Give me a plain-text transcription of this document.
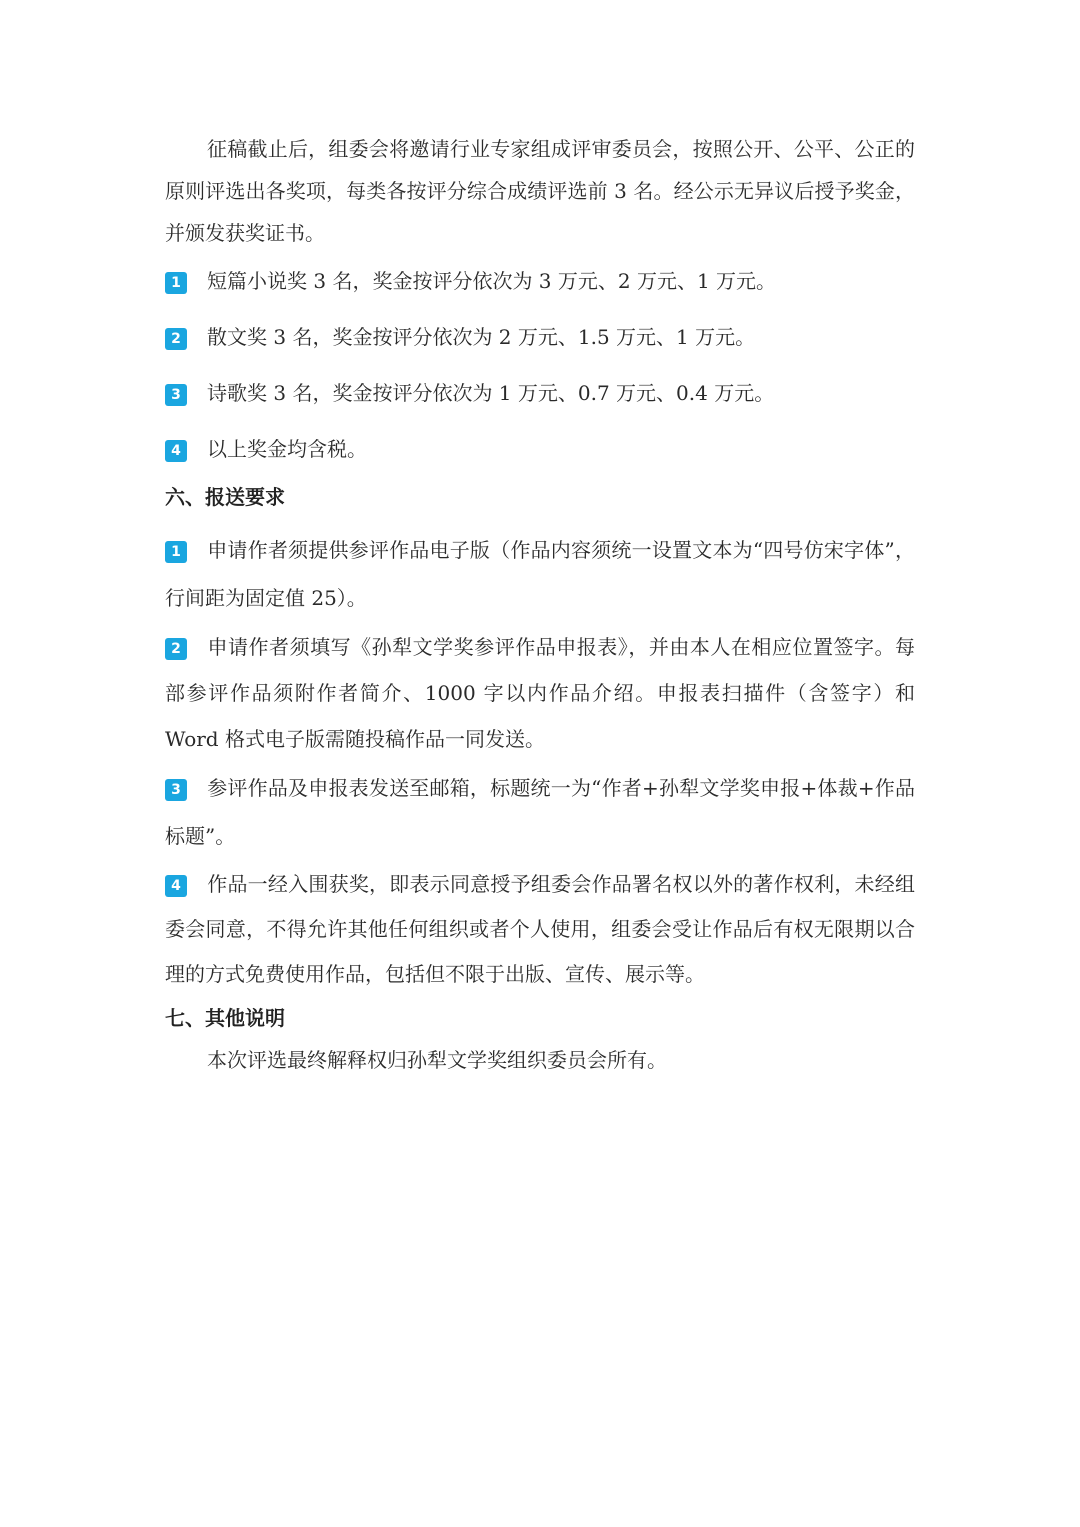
征稿截止后，组委会将邀请行业专家组成评审委员会，按照公开、公平、公正的原则评选出各奖项，每类各按评分综合成绩评选前 3 名。经公示无异议后授予奖金，并颁发获奖证书。

1 短篇小说奖 3 名，奖金按评分依次为 3 万元、2 万元、1 万元。

2 散文奖 3 名，奖金按评分依次为 2 万元、1.5 万元、1 万元。

3 诗歌奖 3 名，奖金按评分依次为 1 万元、0.7 万元、0.4 万元。

4 以上奖金均含税。

六、报送要求

1 申请作者须提供参评作品电子版（作品内容须统一设置文本为“四号仿宋字体”，行间距为固定值 25）。

2 申请作者须填写《孙犁文学奖参评作品申报表》，并由本人在相应位置签字。每部参评作品须附作者简介、1000 字以内作品介绍。申报表扫描件（含签字）和 Word 格式电子版需随投稿作品一同发送。

3 参评作品及申报表发送至邮箱，标题统一为“作者+孙犁文学奖申报+体裁+作品标题”。

4 作品一经入围获奖，即表示同意授予组委会作品署名权以外的著作权利，未经组委会同意，不得允许其他任何组织或者个人使用，组委会受让作品后有权无限期以合理的方式免费使用作品，包括但不限于出版、宣传、展示等。

七、其他说明

本次评选最终解释权归孙犁文学奖组织委员会所有。
